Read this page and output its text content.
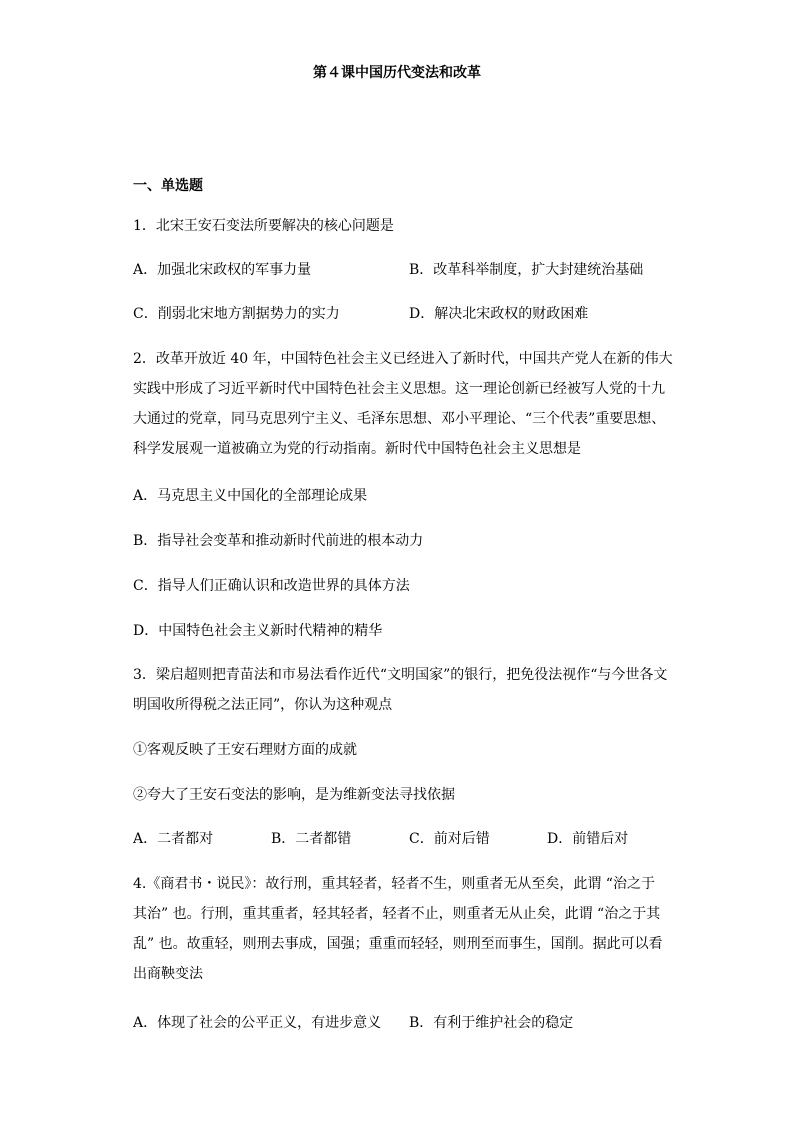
第４课中国历代变法和改革
一、单选题
1．北宋王安石变法所要解决的核心问题是
A．加强北宋政权的军事力量	B．改革科举制度，扩大封建统治基础
C．削弱北宋地方割据势力的实力	D．解决北宋政权的财政困难
2．改革开放近 40 年，中国特色社会主义已经进入了新时代，中国共产党人在新的伟大
实践中形成了习近平新时代中国特色社会主义思想。这一理论创新已经被写人党的十九
大通过的党章，同马克思列宁主义、毛泽东思想、邓小平理论、“三个代表”重要思想、
科学发展观一道被确立为党的行动指南。新时代中国特色社会主义思想是
A．马克思主义中国化的全部理论成果
B．指导社会变革和推动新时代前进的根本动力
C．指导人们正确认识和改造世界的具体方法
D．中国特色社会主义新时代精神的精华
3．梁启超则把青苗法和市易法看作近代“文明国家”的银行，把免役法视作“与今世各文
明国收所得税之法正同”，你认为这种观点
①客观反映了王安石理财方面的成就
②夸大了王安石变法的影响，是为维新变法寻找依据
A．二者都对	B．二者都错	C．前对后错	D．前错后对
4.《商君书・说民》：故行刑，重其轻者，轻者不生，则重者无从至矣，此谓 “治之于
其治” 也。行刑，重其重者，轻其轻者，轻者不止，则重者无从止矣，此谓 “治之于其
乱” 也。故重轻，则刑去事成，国强；重重而轻轻，则刑至而事生，国削。据此可以看
出商鞅变法
A．体现了社会的公平正义，有进步意义 B．有利于维护社会的稳定
